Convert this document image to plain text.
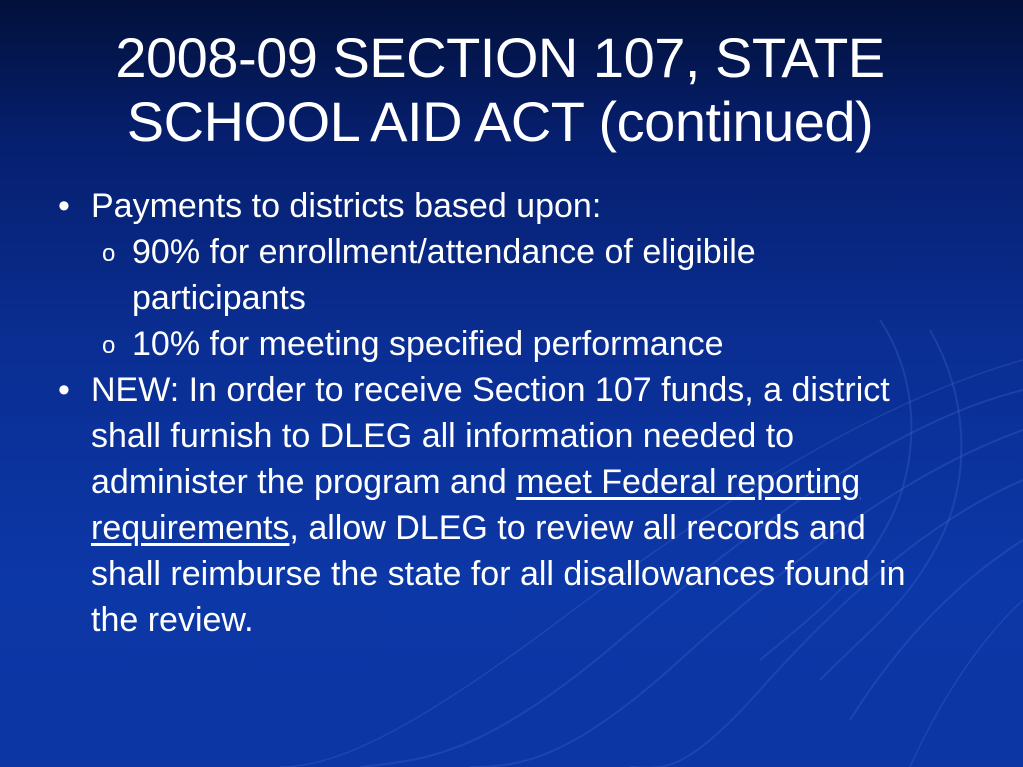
2008-09 SECTION 107, STATE
SCHOOL AID ACT (continued)
• Payments to districts based upon:
o 90% for enrollment/attendance of eligibile participants
o 10% for meeting specified performance
• NEW: In order to receive Section 107 funds, a district shall furnish to DLEG all information needed to administer the program and meet Federal reporting requirements, allow DLEG to review all records and shall reimburse the state for all disallowances found in the review.
